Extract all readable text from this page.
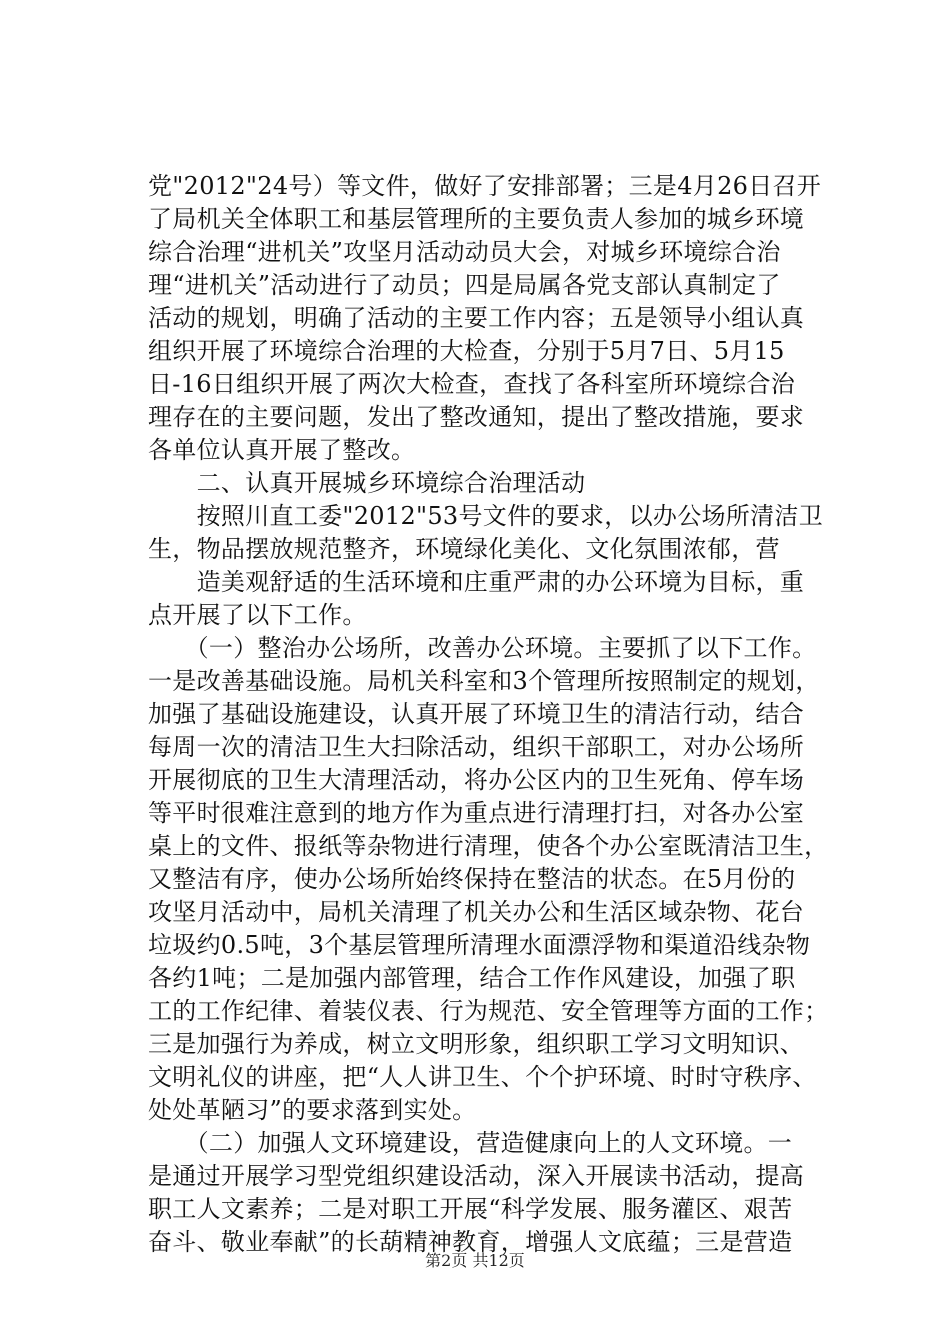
党"2012"24号）等文件，做好了安排部署；三是4月26日召开
了局机关全体职工和基层管理所的主要负责人参加的城乡环境
综合治理“进机关”攻坚月活动动员大会，对城乡环境综合治
理“进机关”活动进行了动员；四是局属各党支部认真制定了
活动的规划，明确了活动的主要工作内容；五是领导小组认真
组织开展了环境综合治理的大检查，分别于5月7日、5月15
日-16日组织开展了两次大检查，查找了各科室所环境综合治
理存在的主要问题，发出了整改通知，提出了整改措施，要求
各单位认真开展了整改。
　　二、认真开展城乡环境综合治理活动
　　按照川直工委"2012"53号文件的要求，以办公场所清洁卫
生，物品摆放规范整齐，环境绿化美化、文化氛围浓郁，营
　　造美观舒适的生活环境和庄重严肃的办公环境为目标，重
点开展了以下工作。
　　（一）整治办公场所，改善办公环境。主要抓了以下工作。
一是改善基础设施。局机关科室和3个管理所按照制定的规划，
加强了基础设施建设，认真开展了环境卫生的清洁行动，结合
每周一次的清洁卫生大扫除活动，组织干部职工，对办公场所
开展彻底的卫生大清理活动，将办公区内的卫生死角、停车场
等平时很难注意到的地方作为重点进行清理打扫，对各办公室
桌上的文件、报纸等杂物进行清理，使各个办公室既清洁卫生，
又整洁有序，使办公场所始终保持在整洁的状态。在5月份的
攻坚月活动中，局机关清理了机关办公和生活区域杂物、花台
垃圾约0.5吨，3个基层管理所清理水面漂浮物和渠道沿线杂物
各约1吨；二是加强内部管理，结合工作作风建设，加强了职
工的工作纪律、着装仪表、行为规范、安全管理等方面的工作；
三是加强行为养成，树立文明形象，组织职工学习文明知识、
文明礼仪的讲座，把“人人讲卫生、个个护环境、时时守秩序、
处处革陋习”的要求落到实处。
　　（二）加强人文环境建设，营造健康向上的人文环境。一
是通过开展学习型党组织建设活动，深入开展读书活动，提高
职工人文素养；二是对职工开展“科学发展、服务灌区、艰苦
奋斗、敬业奉献”的长葫精神教育，增强人文底蕴；三是营造
第2页 共12页
